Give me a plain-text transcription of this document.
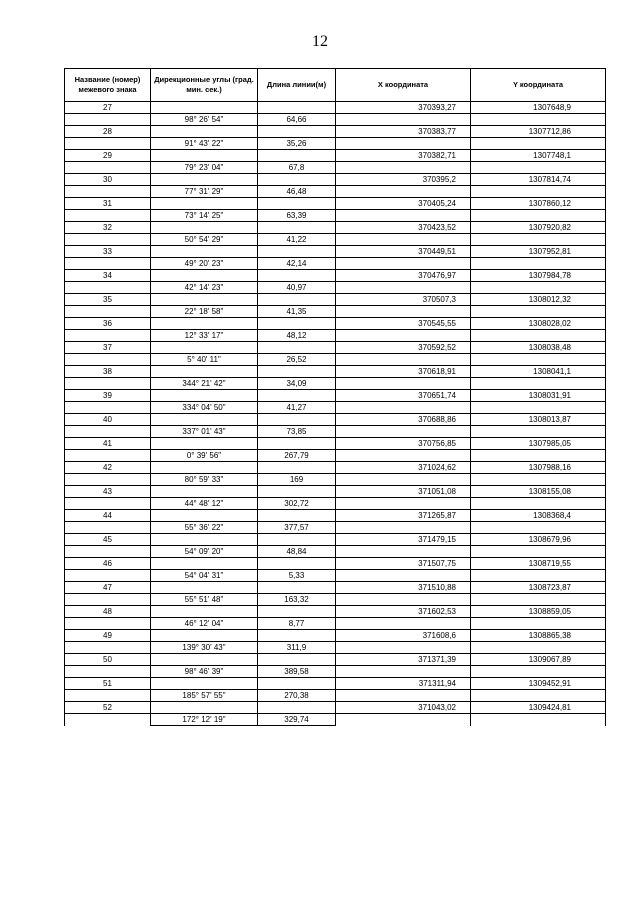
12
Название (номер) межевого знака	Дирекционные углы (град. мин. сек.)	Длина линии(м)	X координата	Y координата
27			370393,27	1307648,9
	98° 26' 54"	64,66		
28			370383,77	1307712,86
	91° 43' 22"	35,26		
29			370382,71	1307748,1
	79° 23' 04"	67,8		
30			370395,2	1307814,74
	77° 31' 29"	46,48		
31			370405,24	1307860,12
	73° 14' 25"	63,39		
32			370423,52	1307920,82
	50° 54' 29"	41,22		
33			370449,51	1307952,81
	49° 20' 23"	42,14		
34			370476,97	1307984,78
	42° 14' 23"	40,97		
35			370507,3	1308012,32
	22° 18' 58"	41,35		
36			370545,55	1308028,02
	12° 33' 17"	48,12		
37			370592,52	1308038,48
	5° 40' 11"	26,52		
38			370618,91	1308041,1
	344° 21' 42"	34,09		
39			370651,74	1308031,91
	334° 04' 50"	41,27		
40			370688,86	1308013,87
	337° 01' 43"	73,85		
41			370756,85	1307985,05
	0° 39' 56"	267,79		
42			371024,62	1307988,16
	80° 59' 33"	169		
43			371051,08	1308155,08
	44° 48' 12"	302,72		
44			371265,87	1308368,4
	55° 36' 22"	377,57		
45			371479,15	1308679,96
	54° 09' 20"	48,84		
46			371507,75	1308719,55
	54° 04' 31"	5,33		
47			371510,88	1308723,87
	55° 51' 48"	163,32		
48			371602,53	1308859,05
	46° 12' 04"	8,77		
49			371608,6	1308865,38
	139° 30' 43"	311,9		
50			371371,39	1309067,89
	98° 46' 39"	389,58		
51			371311,94	1309452,91
	185° 57' 55"	270,38		
52			371043,02	1309424,81
	172° 12' 19"	329,74		
